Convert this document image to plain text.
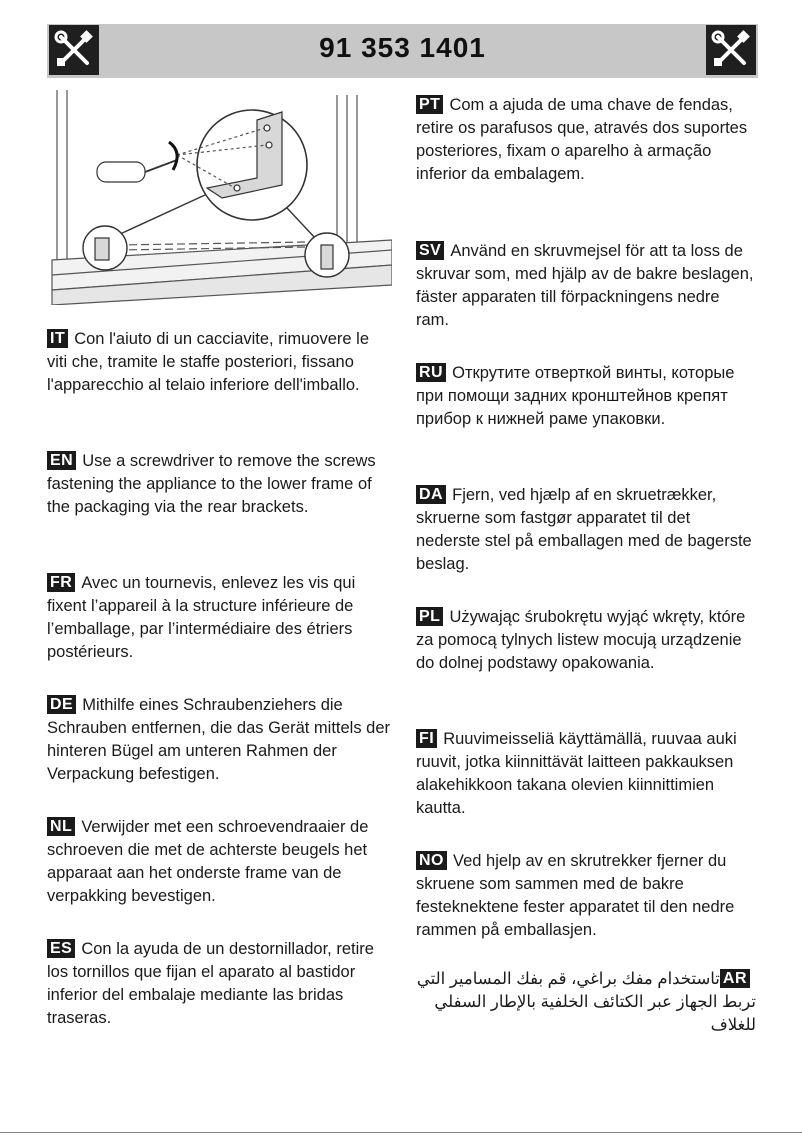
91 353 1401

IT Con l'aiuto di un cacciavite, rimuovere le viti che, tramite le staffe posteriori, fissano l'apparecchio al telaio inferiore dell'imballo.

EN Use a screwdriver to remove the screws fastening the appliance to the lower frame of the packaging via the rear brackets.

FR Avec un tournevis, enlevez les vis qui fixent l’appareil à la structure inférieure de l’emballage, par l’intermédiaire des étriers postérieurs.

DE Mithilfe eines Schraubenziehers die Schrauben entfernen, die das Gerät mittels der hinteren Bügel am unteren Rahmen der Verpackung befestigen.

NL Verwijder met een schroevendraaier de schroeven die met de achterste beugels het apparaat aan het onderste frame van de verpakking bevestigen.

ES Con la ayuda de un destornillador, retire los tornillos que fijan el aparato al bastidor inferior del embalaje mediante las bridas traseras.

PT Com a ajuda de uma chave de fendas, retire os parafusos que, através dos suportes posteriores, fixam o aparelho à armação inferior da embalagem.

SV Använd en skruvmejsel för att ta loss de skruvar som, med hjälp av de bakre beslagen, fäster apparaten till förpackningens nedre ram.

RU Открутите отверткой винты, которые при помощи задних кронштейнов крепят прибор к нижней раме упаковки.

DA Fjern, ved hjælp af en skruetrækker, skruerne som fastgør apparatet til det nederste stel på emballagen med de bagerste beslag.

PL Używając śrubokrętu wyjąć wkręty, które za pomocą tylnych listew mocują urządzenie do dolnej podstawy opakowania.

FI Ruuvimeisseliä käyttämällä, ruuvaa auki ruuvit, jotka kiinnittävät laitteen pakkauksen alakehikkoon takana olevien kiinnittimien kautta.

NO Ved hjelp av en skrutrekker fjerner du skruene som sammen med de bakre festeknektene fester apparatet til den nedre rammen på emballasjen.

ARتاستخدام مفك براغي، قم بفك المسامير التي تربط الجهاز عبر الكتائف الخلفية بالإطار السفلي للغلاف
